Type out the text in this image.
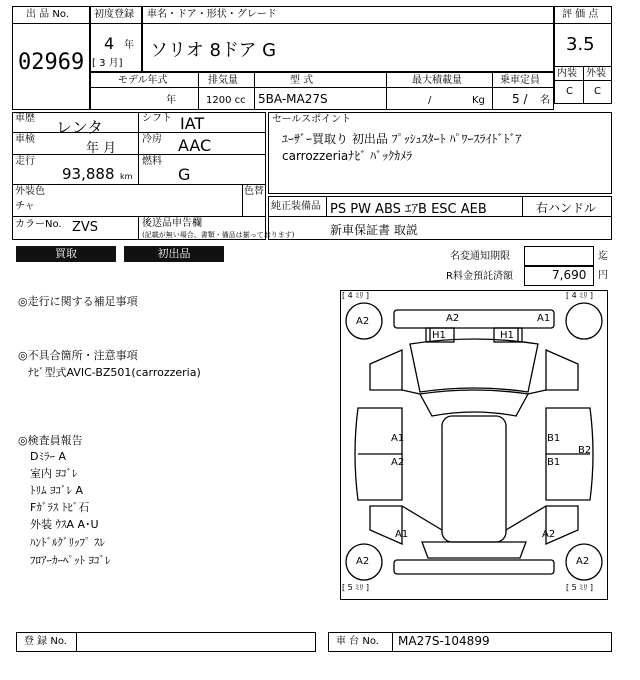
出 品 No.
02969
初度登録
4 年
[ 3 月]
車名・ドア・形状・グレード
ソリオ 8ドア G
評 価 点
3.5
内装 外装
C C
モデル年式
年
排気量
1200 cc
型 式
5BA-MA27S
最大積載量
/	Kg
乗車定員
5 / 名
車歴 レンタ	シフト IAT
車検
年 月
冷房 AAC
走行
93,888 km
燃料
G
外装色
チャ
色替
カラーNo. ZVS	後送品申告欄
(記載が無い場合、書類・備品は揃っております)
セールスポイント
ﾕｰｻﾞｰ買取り 初出品 ﾌﾟｯｼｭｽﾀｰﾄ ﾊﾟﾜｰｽﾗｲﾄﾞﾄﾞｱ
carrozzeriaﾅﾋﾞ ﾊﾞｯｸｶﾒﾗ
純正装備品 PS PW ABS ｴｱB ESC AEB	右ハンドル
新車保証書 取説
買取	初出品	名変通知期限	迄
R料金預託済額	7,690 円
◎走行に関する補足事項
◎不具合箇所・注意事項
ﾅﾋﾞ型式AVIC-BZ501(carrozzeria)
◎検査員報告
Dﾐﾗｰ A
室内 ﾖｺﾞﾚ
ﾄﾘﾑ ﾖｺﾞﾚ A
Fｶﾞﾗｽ ﾄﾋﾞ石
外装 ｳｽA A･U
ﾊﾝﾄﾞﾙｸﾞﾘｯﾌﾟ ｽﾚ
ﾌﾛｱｰｶｰﾍﾟｯﾄ ﾖｺﾞﾚ
[ 4 ﾐﾘ ]	[ 4 ﾐﾘ ]
[ 5 ﾐﾘ ]	[ 5 ﾐﾘ ]
A2	A2	A1
H1	H1
A1
A2
B1
B1
B2
A1	A2
A2	A2
登 録 No.	車 台 No. MA27S-104899
